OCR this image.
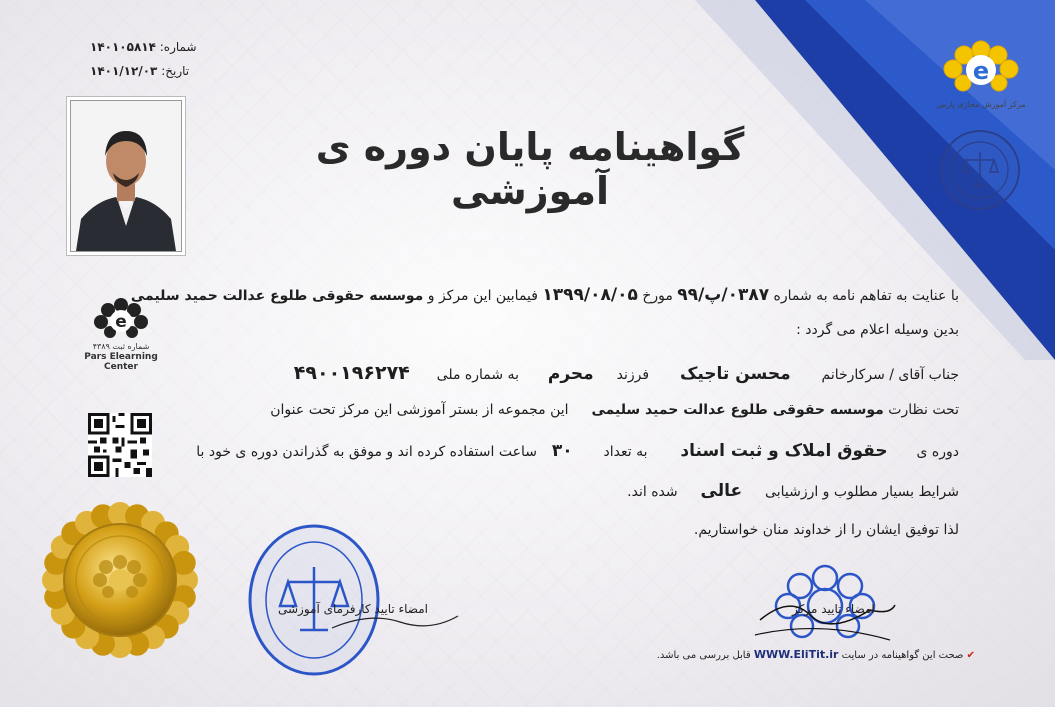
شماره: ۱۴۰۱۰۵۸۱۴
تاریخ: ۱۴۰۱/۱۲/۰۳
e
شماره ثبت ۴۳۸۹
Pars Elearning
Center
گواهینامه پایان دوره ی آموزشی
e
مرکز آموزش مجازی پارس
با عنایت به تفاهم نامه به شماره ۰۳۸۷/پ/۹۹ مورخ ۱۳۹۹/۰۸/۰۵ فیمابین این مرکز و موسسه حقوقی طلوع عدالت حمید سلیمی
بدین وسیله اعلام می گردد :
جناب آقای / سرکارخانم  محسن تاجیک  فرزند  محرم  به شماره ملی  ۴۹۰۰۱۹۶۲۷۴
تحت نظارت موسسه حقوقی طلوع عدالت حمید سلیمی  این مجموعه از بستر آموزشی این مرکز تحت عنوان
دوره ی  حقوق املاک و ثبت اسناد  به تعداد  ۳۰  ساعت استفاده کرده اند و موفق به گذراندن دوره ی خود با
شرایط بسیار مطلوب و ارزشیابی  عالی  شده اند.
لذا توفیق ایشان را از خداوند منان خواستاریم.
امضاء تایید کارفرمای آموزشی	امضاء تایید مرکز
✔ صحت این گواهینامه در سایت WWW.EliTit.ir قابل بررسی می باشد.
